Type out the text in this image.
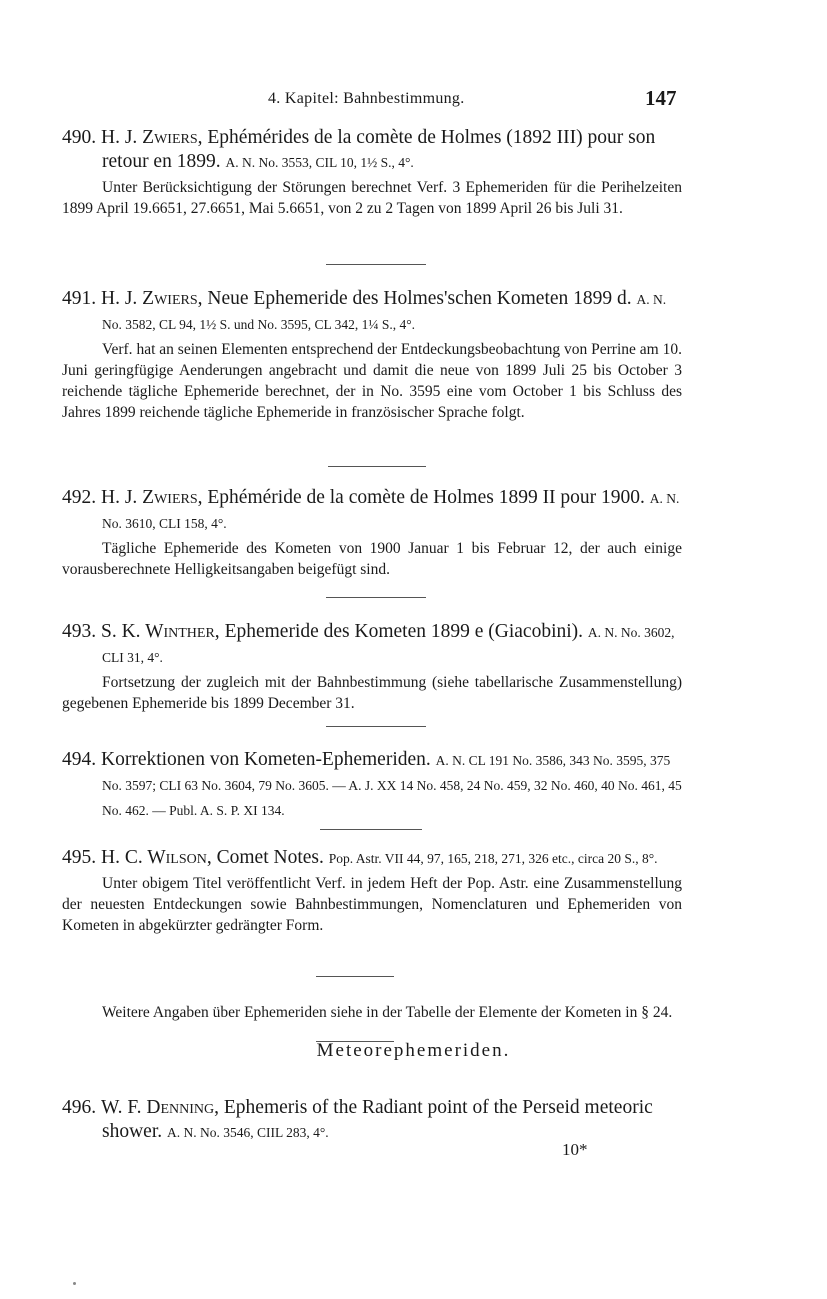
4. Kapitel: Bahnbestimmung.	147

490. H. J. Zwiers, Ephémérides de la comète de Holmes (1892 III) pour son retour en 1899. A. N. No. 3553, CIL 10, 1½ S., 4°.

Unter Berücksichtigung der Störungen berechnet Verf. 3 Ephemeriden für die Perihelzeiten 1899 April 19.6651, 27.6651, Mai 5.6651, von 2 zu 2 Tagen von 1899 April 26 bis Juli 31.

491. H. J. Zwiers, Neue Ephemeride des Holmes'schen Kometen 1899 d. A. N. No. 3582, CL 94, 1½ S. und No. 3595, CL 342, 1¼ S., 4°.

Verf. hat an seinen Elementen entsprechend der Entdeckungsbeobachtung von Perrine am 10. Juni geringfügige Aenderungen angebracht und damit die neue von 1899 Juli 25 bis October 3 reichende tägliche Ephemeride berechnet, der in No. 3595 eine vom October 1 bis Schluss des Jahres 1899 reichende tägliche Ephemeride in französischer Sprache folgt.

492. H. J. Zwiers, Ephéméride de la comète de Holmes 1899 II pour 1900. A. N. No. 3610, CLI 158, 4°.

Tägliche Ephemeride des Kometen von 1900 Januar 1 bis Februar 12, der auch einige vorausberechnete Helligkeitsangaben beigefügt sind.

493. S. K. Winther, Ephemeride des Kometen 1899 e (Giacobini). A. N. No. 3602, CLI 31, 4°.

Fortsetzung der zugleich mit der Bahnbestimmung (siehe tabellarische Zusammenstellung) gegebenen Ephemeride bis 1899 December 31.

494. Korrektionen von Kometen-Ephemeriden. A. N. CL 191 No. 3586, 343 No. 3595, 375 No. 3597; CLI 63 No. 3604, 79 No. 3605. — A. J. XX 14 No. 458, 24 No. 459, 32 No. 460, 40 No. 461, 45 No. 462. — Publ. A. S. P. XI 134.

495. H. C. Wilson, Comet Notes. Pop. Astr. VII 44, 97, 165, 218, 271, 326 etc., circa 20 S., 8°.

Unter obigem Titel veröffentlicht Verf. in jedem Heft der Pop. Astr. eine Zusammenstellung der neuesten Entdeckungen sowie Bahnbestimmungen, Nomenclaturen und Ephemeriden von Kometen in abgekürzter gedrängter Form.

Weitere Angaben über Ephemeriden siehe in der Tabelle der Elemente der Kometen in § 24.

Meteorephemeriden.

496. W. F. Denning, Ephemeris of the Radiant point of the Perseid meteoric shower. A. N. No. 3546, CIIL 283, 4°.

10*
